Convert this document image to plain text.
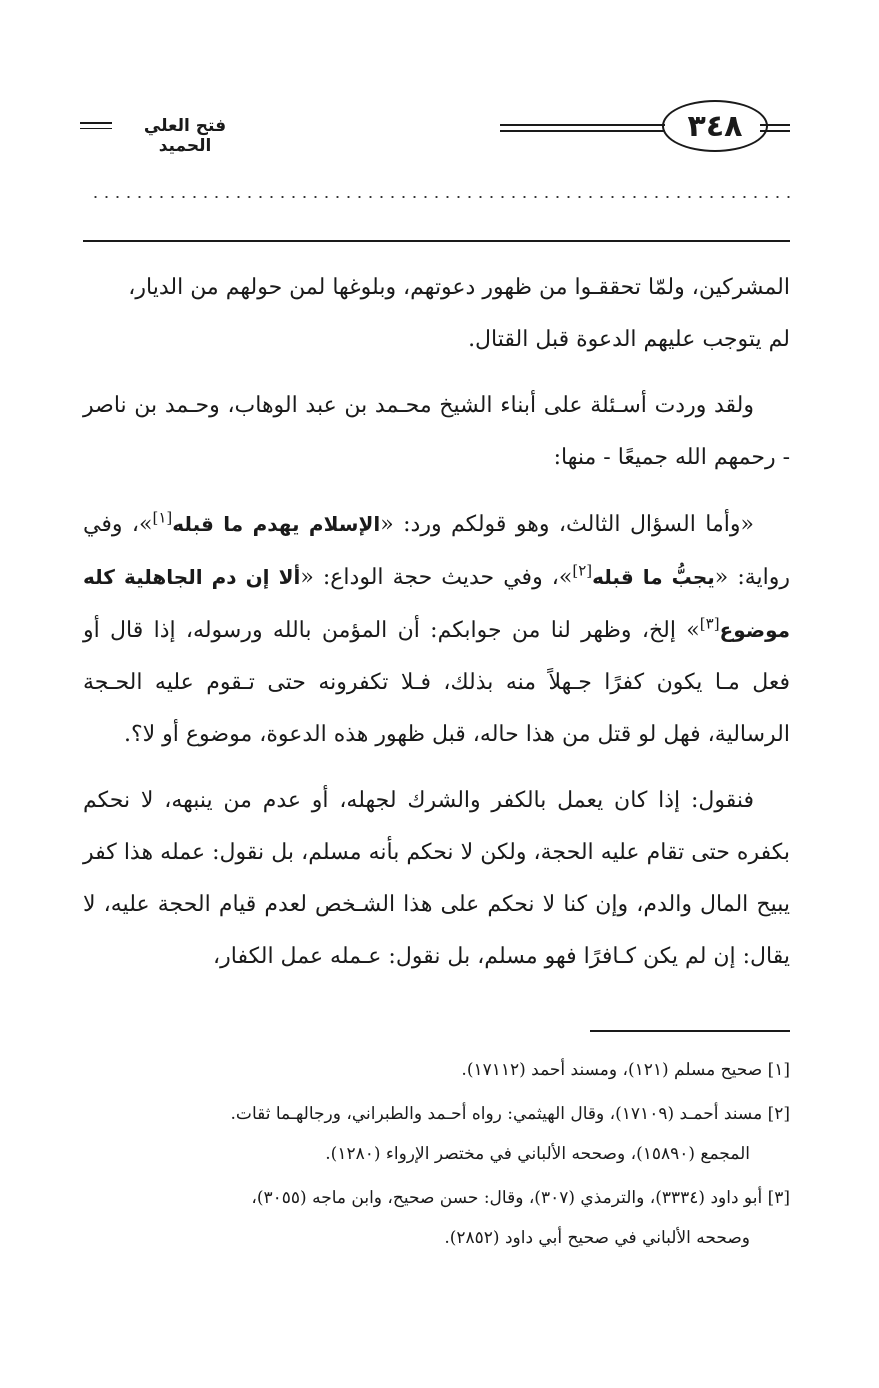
فتح العلي الحميد
٣٤٨

المشركين، ولمّا تحققـوا من ظهور دعوتهم، وبلوغها لمن حولهم من الديار،
لم يتوجب عليهم الدعوة قبل القتال.

ولقد وردت أسـئلة على أبناء الشيخ محـمد بن عبد الوهاب، وحـمد بن ناصر - رحمهم الله جميعًا - منها:

«وأما السؤال الثالث، وهو قولكم ورد: «الإسلام يهدم ما قبله[١]»، وفي رواية: «يجبُّ ما قبله[٢]»، وفي حديث حجة الوداع: «ألا إن دم الجاهلية كله موضوع[٣]» إلخ، وظهر لنا من جوابكم: أن المؤمن بالله ورسوله، إذا قال أو فعل مـا يكون كفرًا جـهلاً منه بذلك، فـلا تكفرونه حتى تـقوم عليه الحـجة الرسالية، فهل لو قتل من هذا حاله، قبل ظهور هذه الدعوة، موضوع أو لا؟.

فنقول: إذا كان يعمل بالكفر والشرك لجهله، أو عدم من ينبهه، لا نحكم بكفره حتى تقام عليه الحجة، ولكن لا نحكم بأنه مسلم، بل نقول: عمله هذا كفر يبيح المال والدم، وإن كنا لا نحكم على هذا الشـخص لعدم قيام الحجة عليه، لا يقال: إن لم يكن كـافرًا فهو مسلم، بل نقول: عـمله عمل الكفار،

[١] صحيح مسلم (١٢١)، ومسند أحمد (١٧١١٢).
[٢] مسند أحمـد (١٧١٠٩)، وقال الهيثمي: رواه أحـمد والطبراني، ورجالهـما ثقات.
المجمع (١٥٨٩٠)، وصححه الألباني في مختصر الإرواء (١٢٨٠).
[٣] أبو داود (٣٣٣٤)، والترمذي (٣٠٧)، وقال: حسن صحيح، وابن ماجه (٣٠٥٥)،
وصححه الألباني في صحيح أبي داود (٢٨٥٢).
